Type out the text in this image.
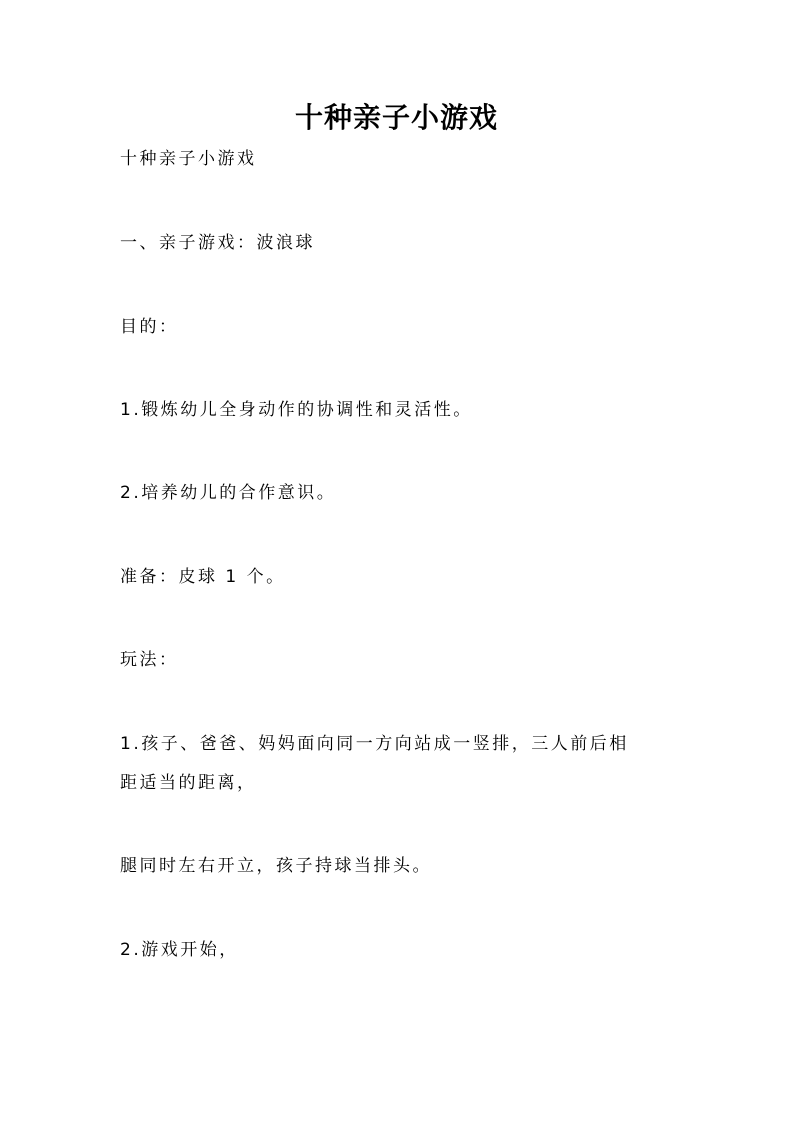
十种亲子小游戏
十种亲子小游戏
一、亲子游戏：波浪球
目的：
1.锻炼幼儿全身动作的协调性和灵活性。
2.培养幼儿的合作意识。
准备：皮球 1 个。
玩法：
1.孩子、爸爸、妈妈面向同一方向站成一竖排，三人前后相
距适当的距离，
腿同时左右开立，孩子持球当排头。
2.游戏开始，
